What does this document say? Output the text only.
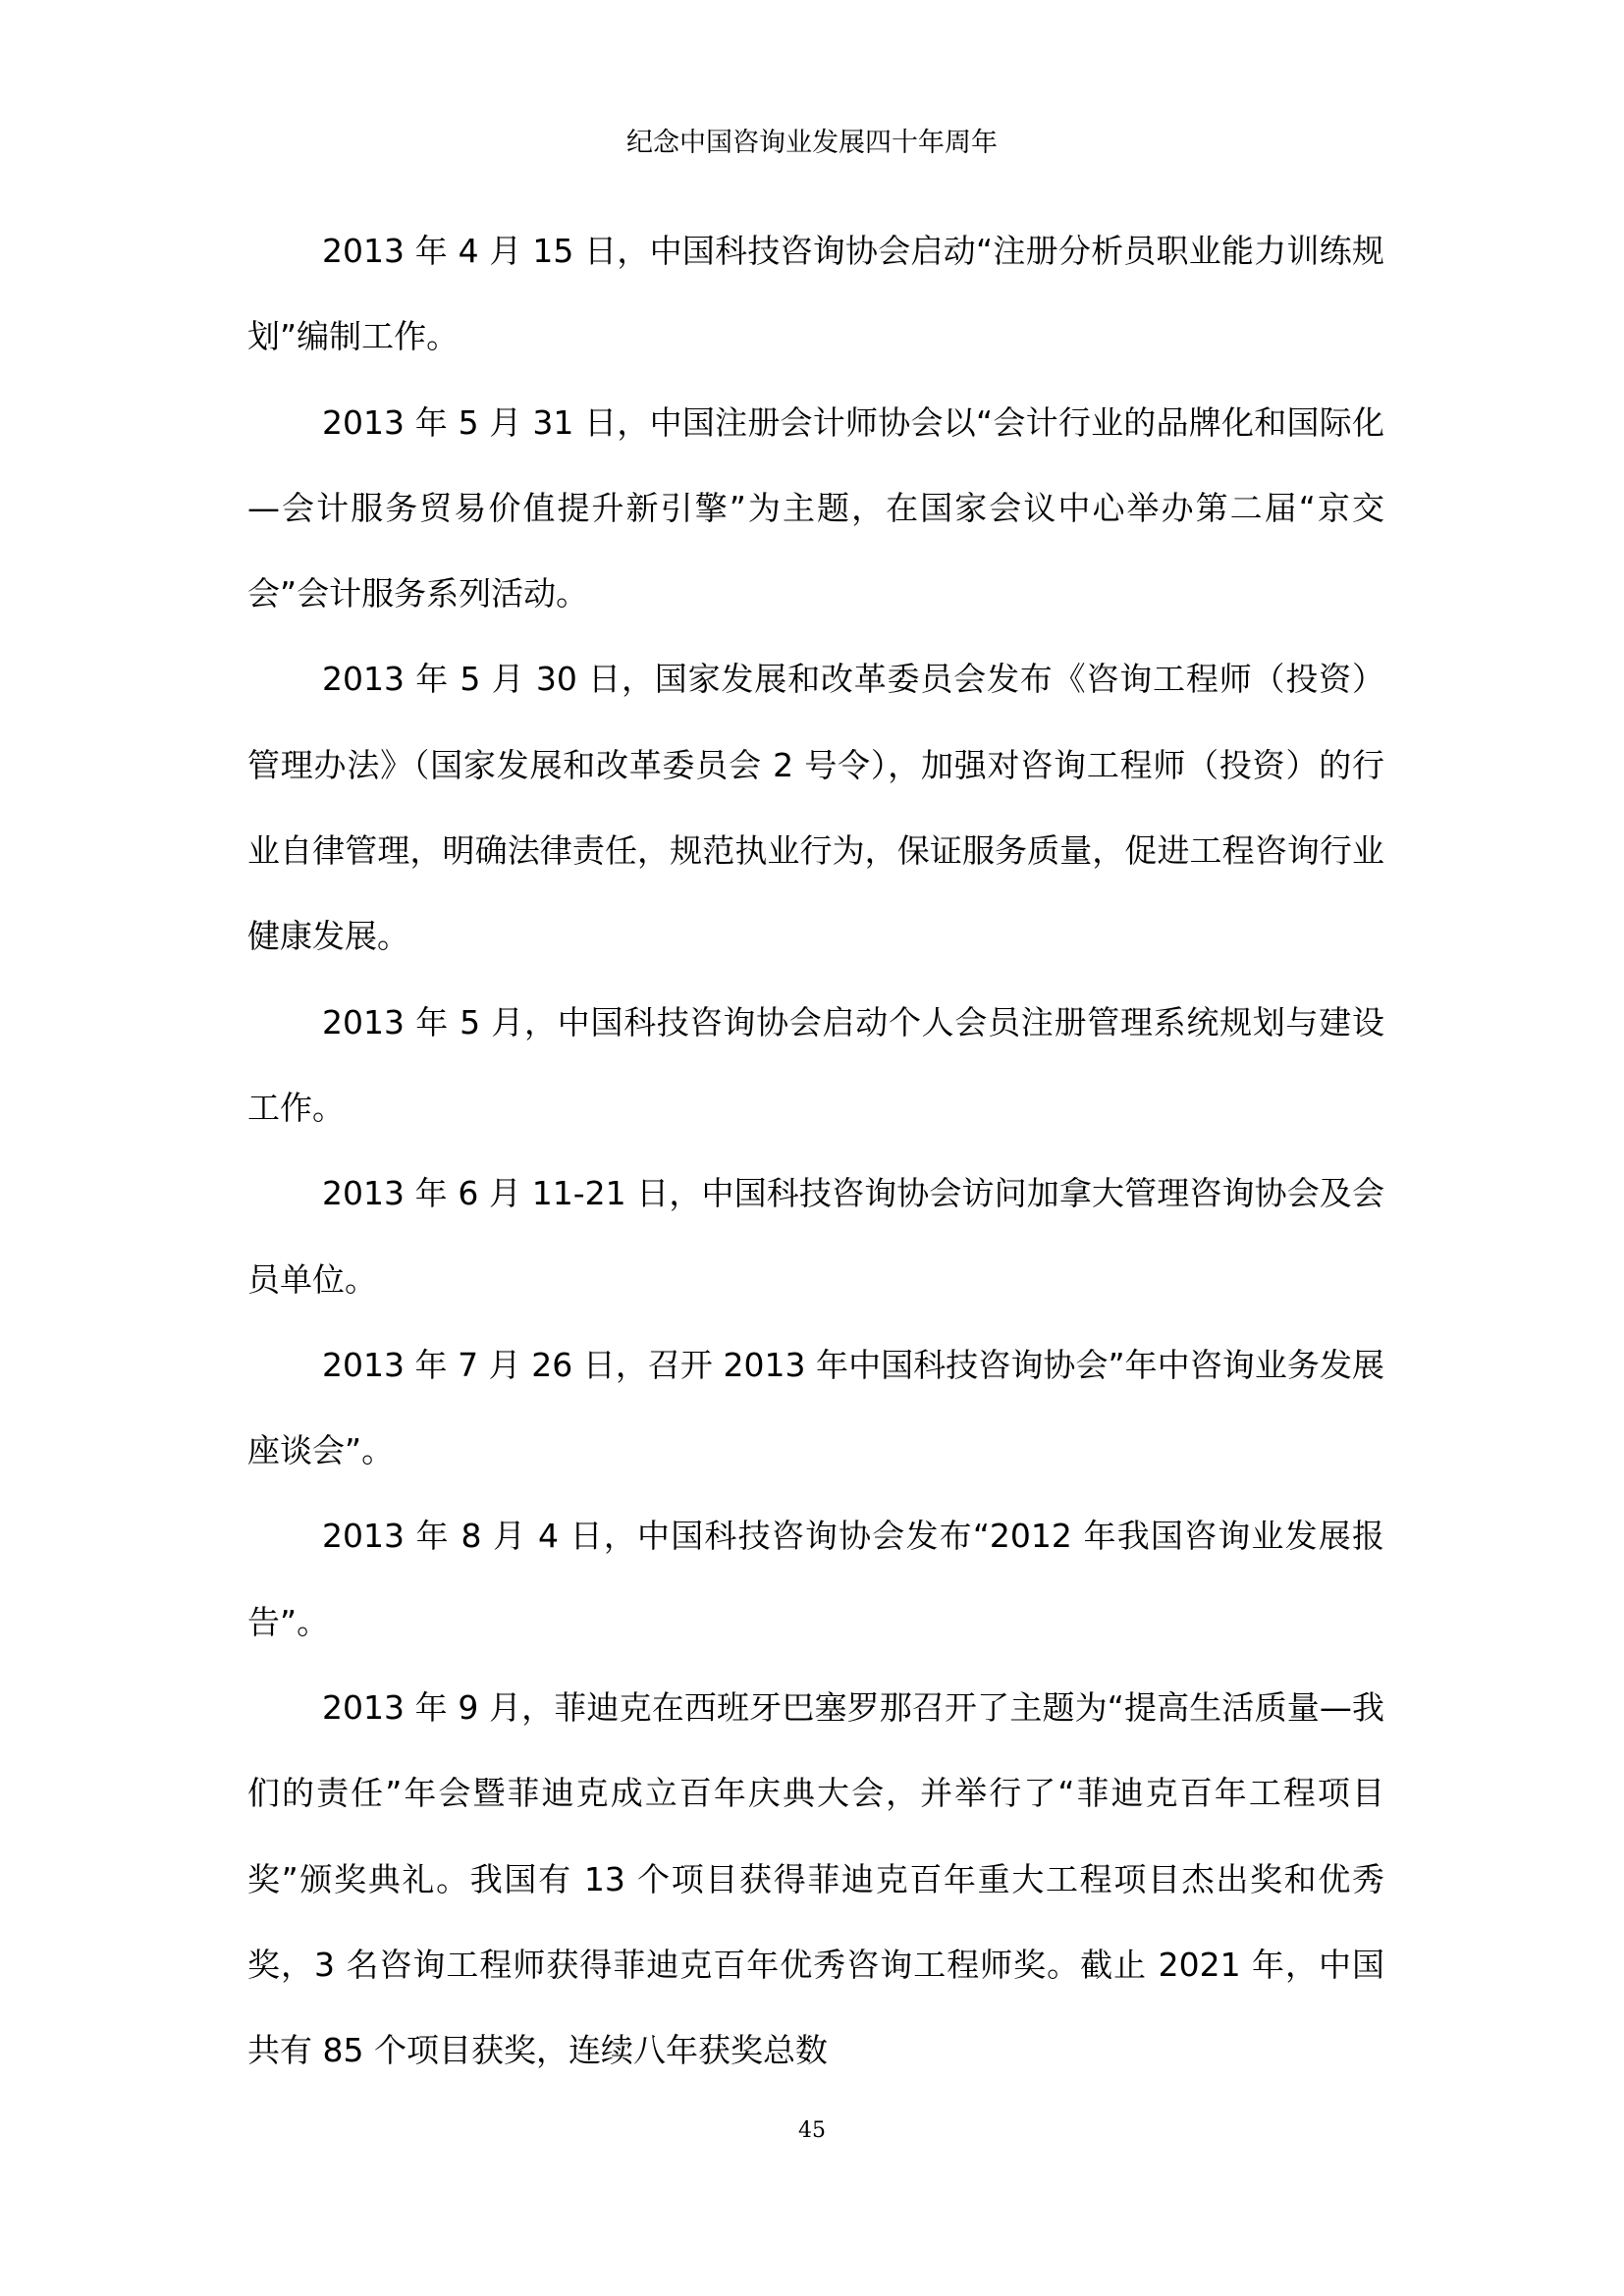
纪念中国咨询业发展四十年周年

2013 年 4 月 15 日，中国科技咨询协会启动“注册分析员职业能力训练规划”编制工作。

2013 年 5 月 31 日，中国注册会计师协会以“会计行业的品牌化和国际化—会计服务贸易价值提升新引擎”为主题，在国家会议中心举办第二届“京交会”会计服务系列活动。

2013 年 5 月 30 日，国家发展和改革委员会发布《咨询工程师（投资）管理办法》（国家发展和改革委员会 2 号令），加强对咨询工程师（投资）的行业自律管理，明确法律责任，规范执业行为，保证服务质量，促进工程咨询行业健康发展。

2013 年 5 月，中国科技咨询协会启动个人会员注册管理系统规划与建设工作。

2013 年 6 月 11-21 日，中国科技咨询协会访问加拿大管理咨询协会及会员单位。

2013 年 7 月 26 日，召开 2013 年中国科技咨询协会”年中咨询业务发展座谈会”。

2013 年 8 月 4 日，中国科技咨询协会发布“2012 年我国咨询业发展报告”。

2013 年 9 月，菲迪克在西班牙巴塞罗那召开了主题为“提高生活质量—我们的责任”年会暨菲迪克成立百年庆典大会，并举行了“菲迪克百年工程项目奖”颁奖典礼。我国有 13 个项目获得菲迪克百年重大工程项目杰出奖和优秀奖，3 名咨询工程师获得菲迪克百年优秀咨询工程师奖。截止 2021 年，中国共有 85 个项目获奖，连续八年获奖总数

45
